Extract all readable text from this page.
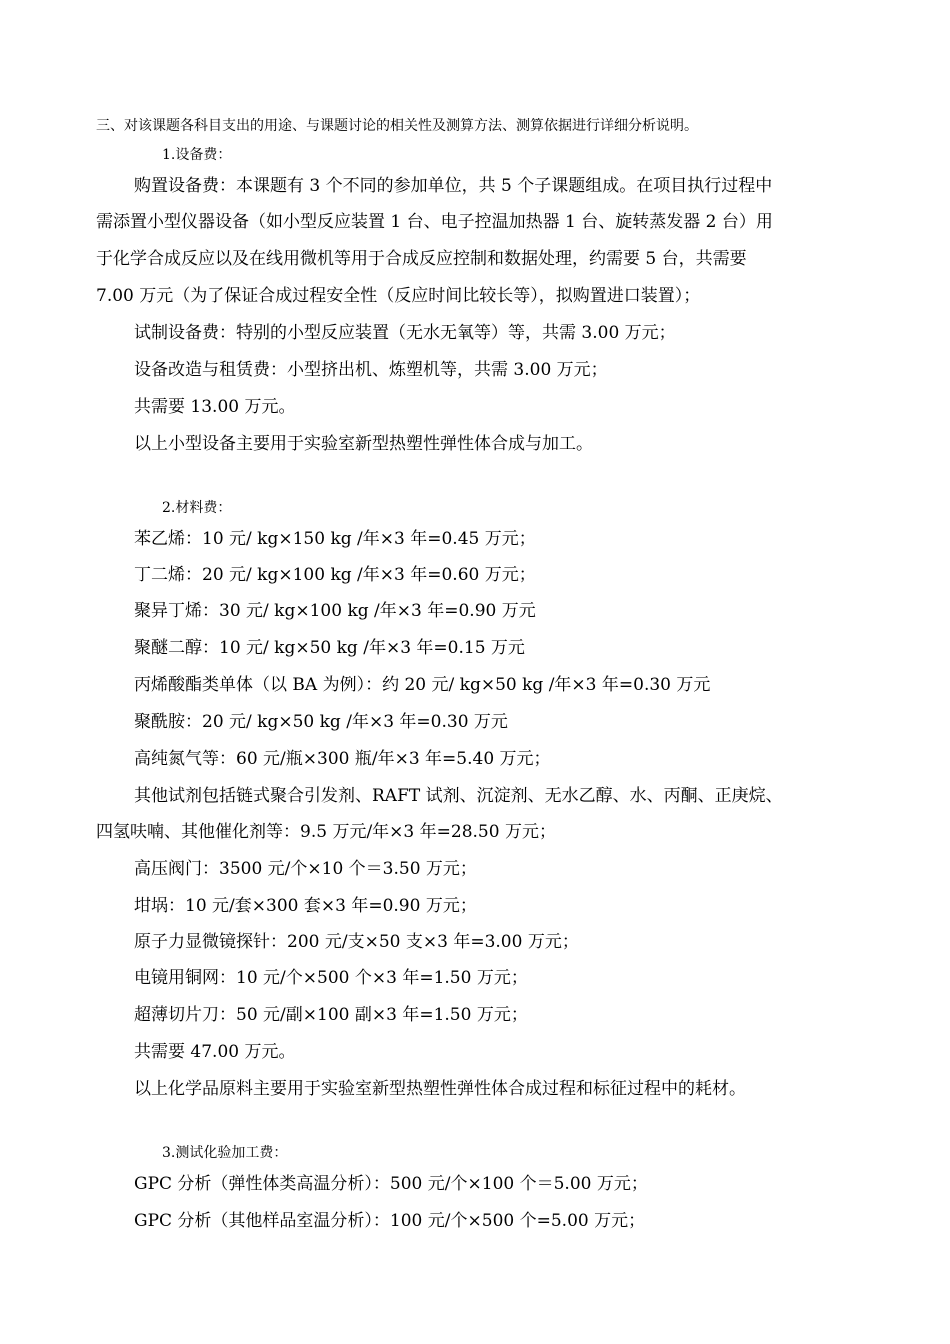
三、对该课题各科目支出的用途、与课题讨论的相关性及测算方法、测算依据进行详细分析说明。
1.设备费：
购置设备费：本课题有 3 个不同的参加单位，共 5 个子课题组成。在项目执行过程中
需添置小型仪器设备（如小型反应装置 1 台、电子控温加热器 1 台、旋转蒸发器 2 台）用
于化学合成反应以及在线用微机等用于合成反应控制和数据处理，约需要 5 台，共需要
7.00 万元（为了保证合成过程安全性（反应时间比较长等），拟购置进口装置）；
试制设备费：特别的小型反应装置（无水无氧等）等，共需 3.00 万元；
设备改造与租赁费：小型挤出机、炼塑机等，共需 3.00 万元；
共需要 13.00 万元。
以上小型设备主要用于实验室新型热塑性弹性体合成与加工。
2.材料费：
苯乙烯：10 元/ kg×150 kg /年×3 年=0.45 万元；
丁二烯：20 元/ kg×100 kg /年×3 年=0.60 万元；
聚异丁烯：30 元/ kg×100 kg /年×3 年=0.90 万元
聚醚二醇：10 元/ kg×50 kg /年×3 年=0.15 万元
丙烯酸酯类单体（以 BA 为例）：约 20 元/ kg×50 kg /年×3 年=0.30 万元
聚酰胺：20 元/ kg×50 kg /年×3 年=0.30 万元
高纯氮气等：60 元/瓶×300 瓶/年×3 年=5.40 万元；
其他试剂包括链式聚合引发剂、RAFT 试剂、沉淀剂、无水乙醇、水、丙酮、正庚烷、
四氢呋喃、其他催化剂等：9.5 万元/年×3 年=28.50 万元；
高压阀门：3500 元/个×10 个＝3.50 万元；
坩埚：10 元/套×300 套×3 年=0.90 万元；
原子力显微镜探针：200 元/支×50 支×3 年=3.00 万元；
电镜用铜网：10 元/个×500 个×3 年=1.50 万元；
超薄切片刀：50 元/副×100 副×3 年=1.50 万元；
共需要 47.00 万元。
以上化学品原料主要用于实验室新型热塑性弹性体合成过程和标征过程中的耗材。
3.测试化验加工费：
GPC 分析（弹性体类高温分析）：500 元/个×100 个＝5.00 万元；
GPC 分析（其他样品室温分析）：100 元/个×500 个=5.00 万元；
